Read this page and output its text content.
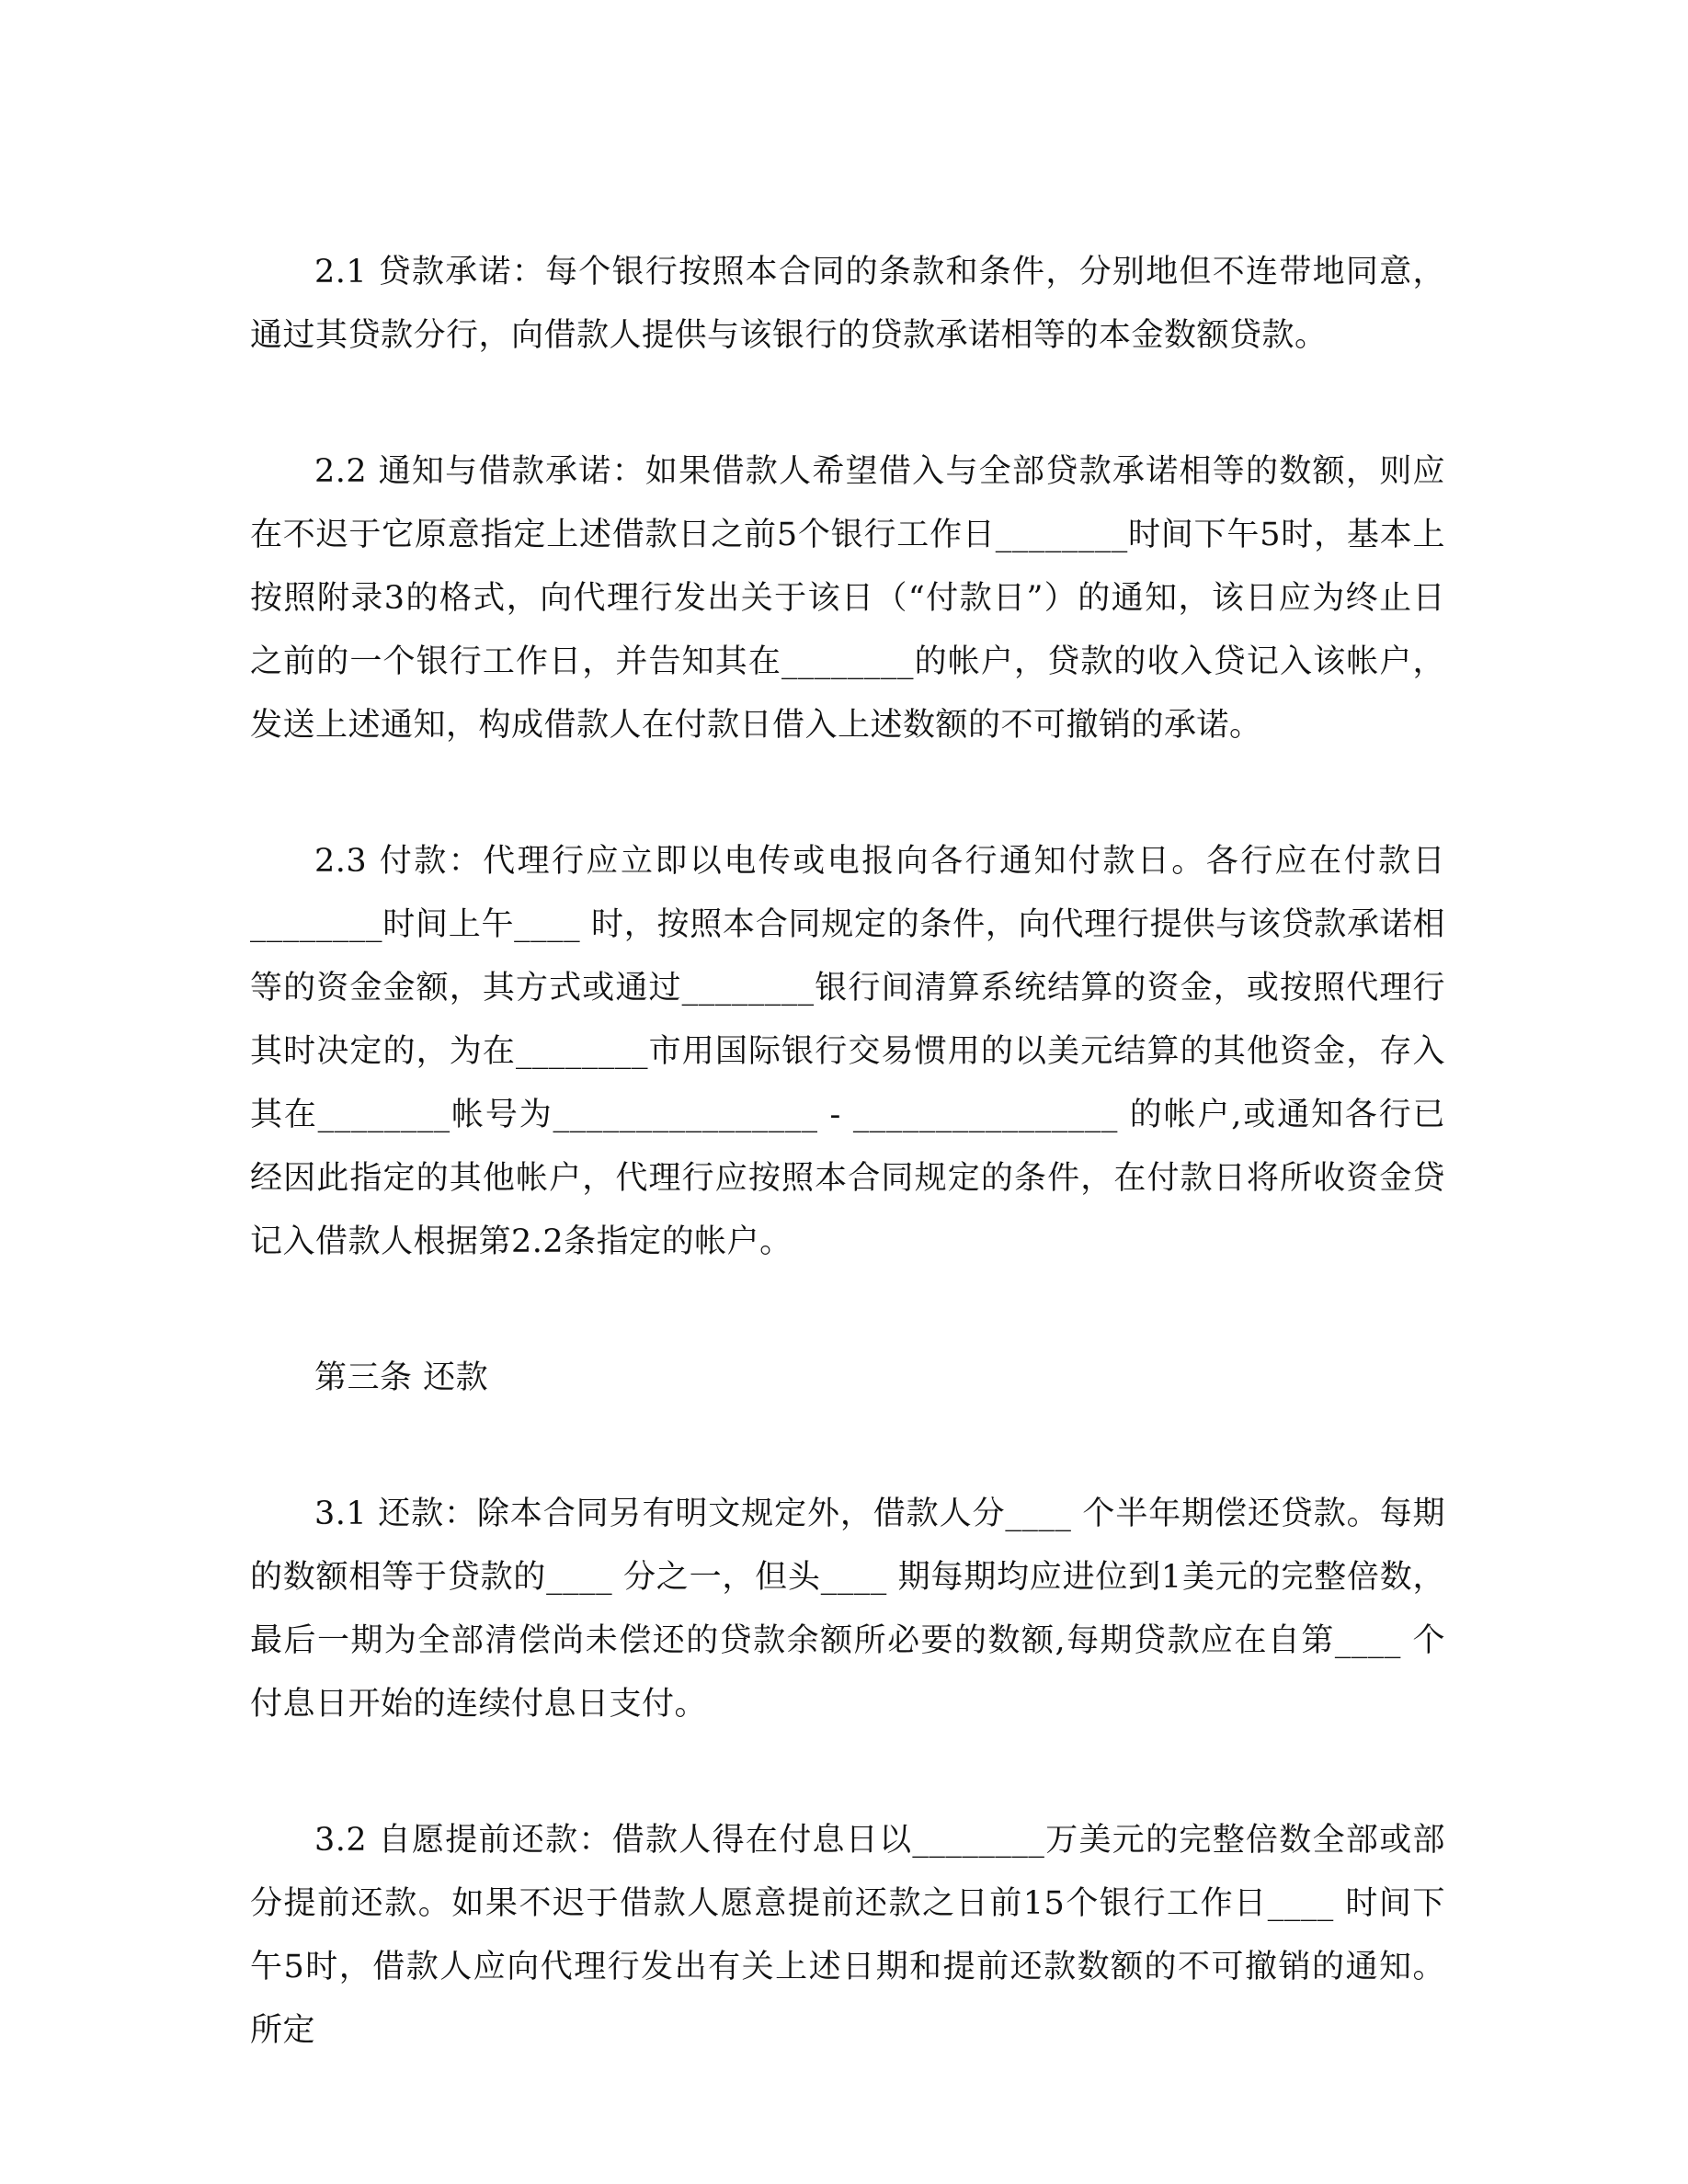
2.1 贷款承诺：每个银行按照本合同的条款和条件，分别地但不连带地同意，通过其贷款分行，向借款人提供与该银行的贷款承诺相等的本金数额贷款。

2.2 通知与借款承诺：如果借款人希望借入与全部贷款承诺相等的数额，则应在不迟于它原意指定上述借款日之前5个银行工作日________时间下午5时，基本上按照附录3的格式，向代理行发出关于该日（“付款日”）的通知，该日应为终止日之前的一个银行工作日，并告知其在________的帐户，贷款的收入贷记入该帐户，发送上述通知，构成借款人在付款日借入上述数额的不可撤销的承诺。

2.3 付款：代理行应立即以电传或电报向各行通知付款日。各行应在付款日________时间上午____ 时，按照本合同规定的条件，向代理行提供与该贷款承诺相等的资金金额，其方式或通过________银行间清算系统结算的资金，或按照代理行其时决定的，为在________市用国际银行交易惯用的以美元结算的其他资金，存入其在________帐号为________________ - ________________ 的帐户,或通知各行已经因此指定的其他帐户，代理行应按照本合同规定的条件，在付款日将所收资金贷记入借款人根据第2.2条指定的帐户。

第三条 还款

3.1 还款：除本合同另有明文规定外，借款人分____ 个半年期偿还贷款。每期的数额相等于贷款的____ 分之一，但头____ 期每期均应进位到1美元的完整倍数，最后一期为全部清偿尚未偿还的贷款余额所必要的数额,每期贷款应在自第____ 个付息日开始的连续付息日支付。

3.2 自愿提前还款：借款人得在付息日以________万美元的完整倍数全部或部分提前还款。如果不迟于借款人愿意提前还款之日前15个银行工作日____ 时间下午5时，借款人应向代理行发出有关上述日期和提前还款数额的不可撤销的通知。所定
